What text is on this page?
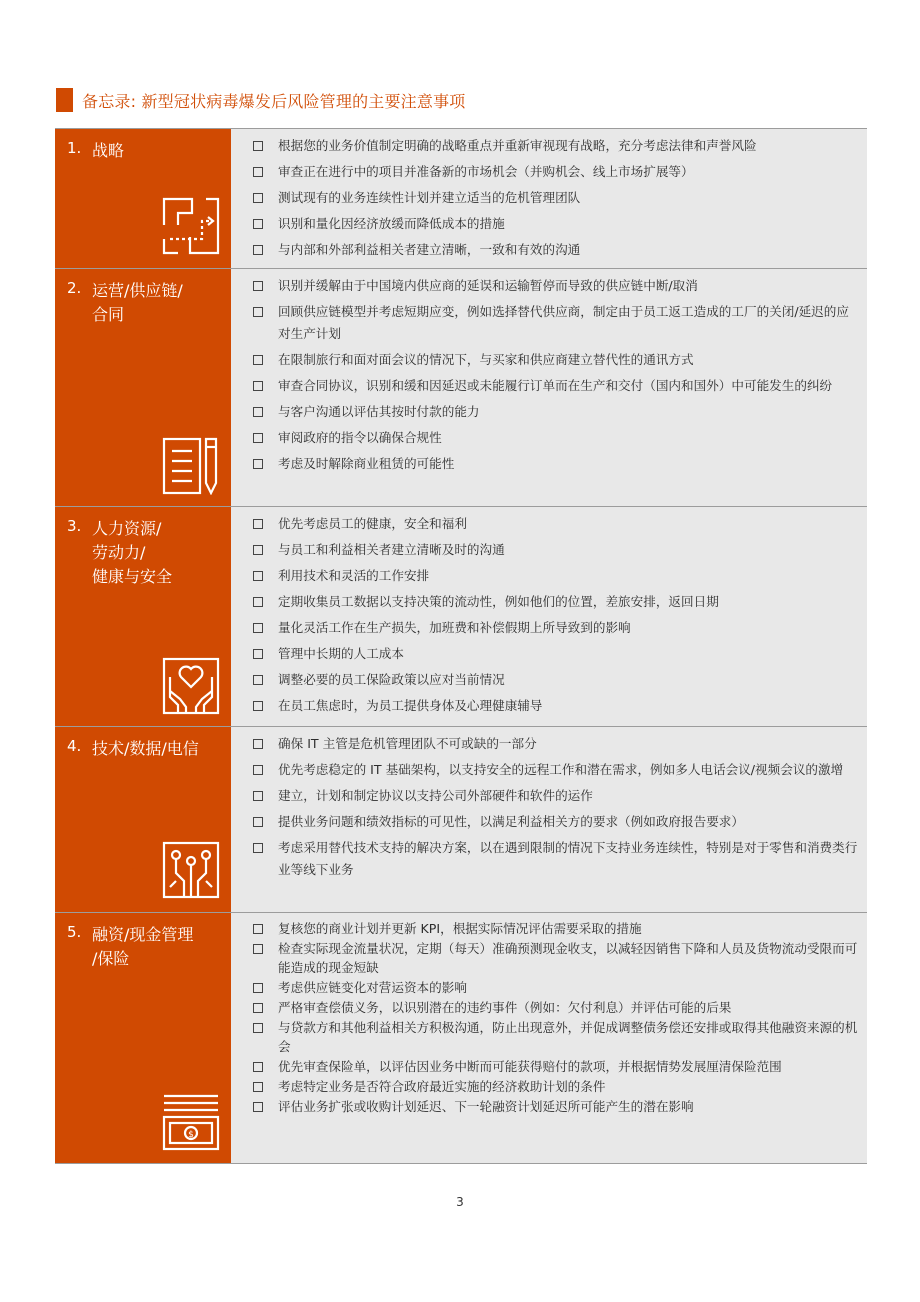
备忘录: 新型冠状病毒爆发后风险管理的主要注意事项
1. 战略	根据您的业务价值制定明确的战略重点并重新审视现有战略，充分考虑法律和声誉风险
审查正在进行中的项目并准备新的市场机会（并购机会、线上市场扩展等）
测试现有的业务连续性计划并建立适当的危机管理团队
识别和量化因经济放缓而降低成本的措施
与内部和外部利益相关者建立清晰，一致和有效的沟通
2. 运营/供应链/
合同
识别并缓解由于中国境内供应商的延误和运输暂停而导致的供应链中断/取消
回顾供应链模型并考虑短期应变，例如选择替代供应商，制定由于员工返工造成的工厂的关闭/延迟的应对生产计划
在限制旅行和面对面会议的情况下，与买家和供应商建立替代性的通讯方式
审查合同协议，识别和缓和因延迟或未能履行订单而在生产和交付（国内和国外）中可能发生的纠纷
与客户沟通以评估其按时付款的能力
审阅政府的指令以确保合规性
考虑及时解除商业租赁的可能性
3. 人力资源/
劳动力/
健康与安全
优先考虑员工的健康，安全和福利
与员工和利益相关者建立清晰及时的沟通
利用技术和灵活的工作安排
定期收集员工数据以支持决策的流动性，例如他们的位置，差旅安排，返回日期
量化灵活工作在生产损失，加班费和补偿假期上所导致到的影响
管理中长期的人工成本
调整必要的员工保险政策以应对当前情况
在员工焦虑时，为员工提供身体及心理健康辅导
4. 技术/数据/电信	确保 IT 主管是危机管理团队不可或缺的一部分
优先考虑稳定的 IT 基础架构，以支持安全的远程工作和潜在需求，例如多人电话会议/视频会议的激增
建立，计划和制定协议以支持公司外部硬件和软件的运作
提供业务问题和绩效指标的可见性，以满足利益相关方的要求（例如政府报告要求）
考虑采用替代技术支持的解决方案，以在遇到限制的情况下支持业务连续性，特别是对于零售和消费类行业等线下业务
5. 融资/现金管理
/保险
$
复核您的商业计划并更新 KPI，根据实际情况评估需要采取的措施
检查实际现金流量状况，定期（每天）准确预测现金收支，以减轻因销售下降和人员及货物流动受限而可能造成的现金短缺
考虑供应链变化对营运资本的影响
严格审查偿债义务，以识别潜在的违约事件（例如：欠付利息）并评估可能的后果
与贷款方和其他利益相关方积极沟通，防止出现意外，并促成调整债务偿还安排或取得其他融资来源的机会
优先审查保险单，以评估因业务中断而可能获得赔付的款项，并根据情势发展厘清保险范围
考虑特定业务是否符合政府最近实施的经济救助计划的条件
评估业务扩张或收购计划延迟、下一轮融资计划延迟所可能产生的潜在影响
3
